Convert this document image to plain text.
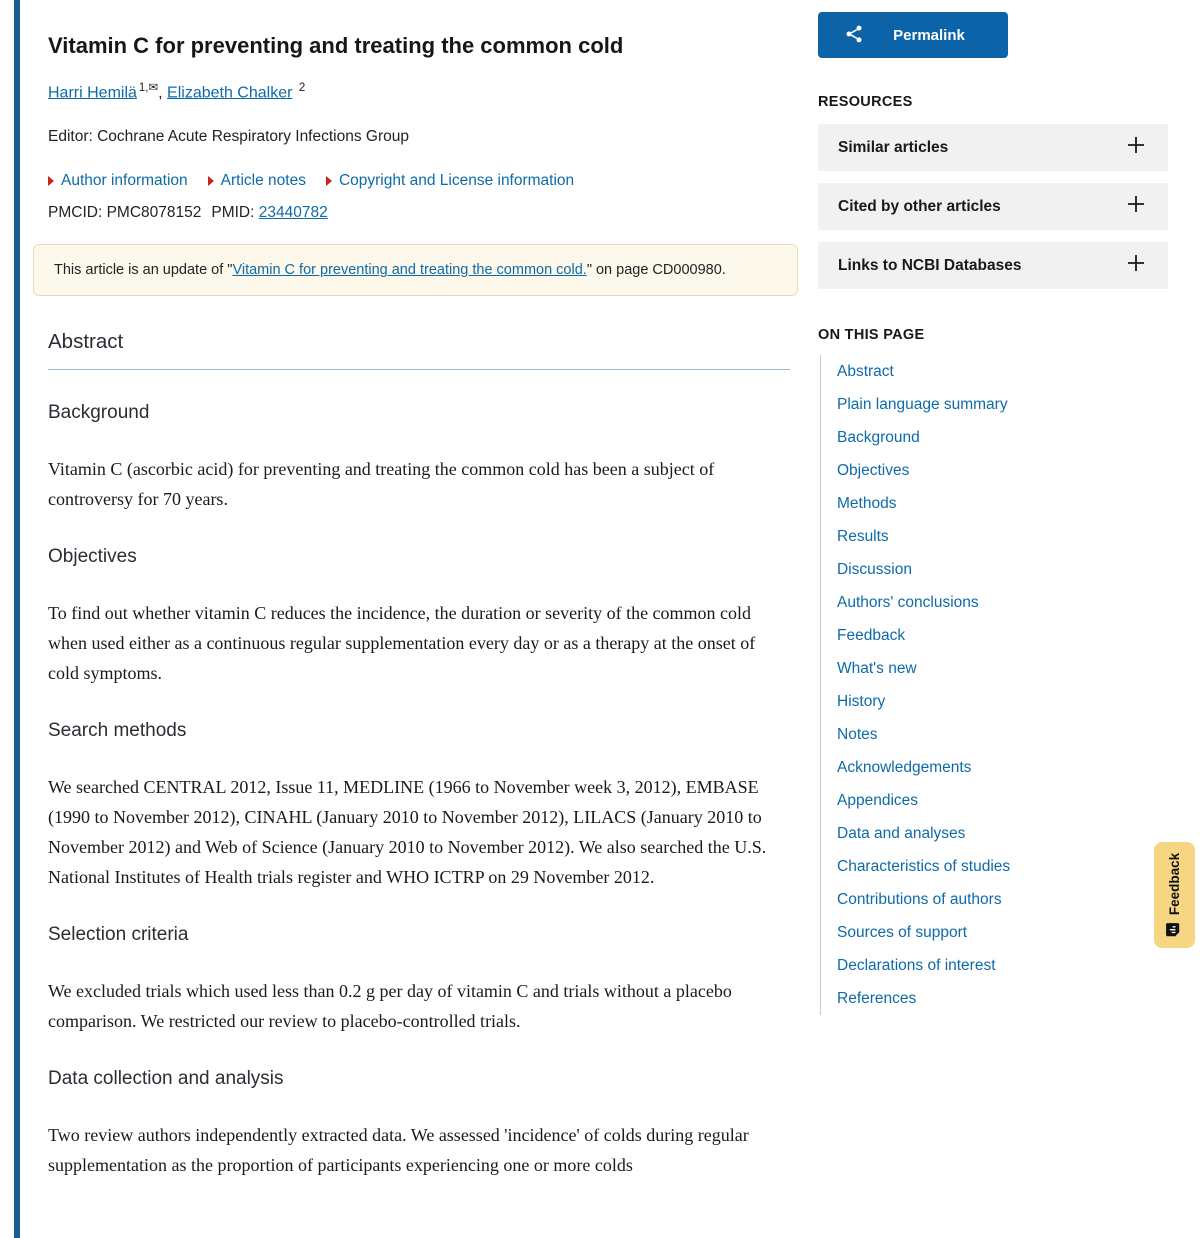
Vitamin C for preventing and treating the common cold

Harri Hemilä $^{1,✉}$, Elizabeth Chalker $^2$

Editor: Cochrane Acute Respiratory Infections Group

Author information Article notes Copyright and License information

PMCID: PMC8078152 PMID: 23440782

This article is an update of "Vitamin C for preventing and treating the common cold." on page CD000980.
Abstract
Background

Vitamin C (ascorbic acid) for preventing and treating the common cold has been a subject of controversy for 70 years.

Objectives

To find out whether vitamin C reduces the incidence, the duration or severity of the common cold when used either as a continuous regular supplementation every day or as a therapy at the onset of cold symptoms.

Search methods

We searched CENTRAL 2012, Issue 11, MEDLINE (1966 to November week 3, 2012), EMBASE (1990 to November 2012), CINAHL (January 2010 to November 2012), LILACS (January 2010 to November 2012) and Web of Science (January 2010 to November 2012). We also searched the U.S. National Institutes of Health trials register and WHO ICTRP on 29 November 2012.

Selection criteria

We excluded trials which used less than 0.2 g per day of vitamin C and trials without a placebo comparison. We restricted our review to placebo-controlled trials.

Data collection and analysis

Two review authors independently extracted data. We assessed 'incidence' of colds during regular supplementation as the proportion of participants experiencing one or more colds

Permalink
RESOURCES
Similar articles
Cited by other articles
Links to NCBI Databases
ON THIS PAGE
Abstract
Plain language summary
Background
Objectives
Methods
Results
Discussion
Authors' conclusions
Feedback
What's new
History
Notes
Acknowledgements
Appendices
Data and analyses
Characteristics of studies
Contributions of authors
Sources of support
Declarations of interest
References
Feedback
